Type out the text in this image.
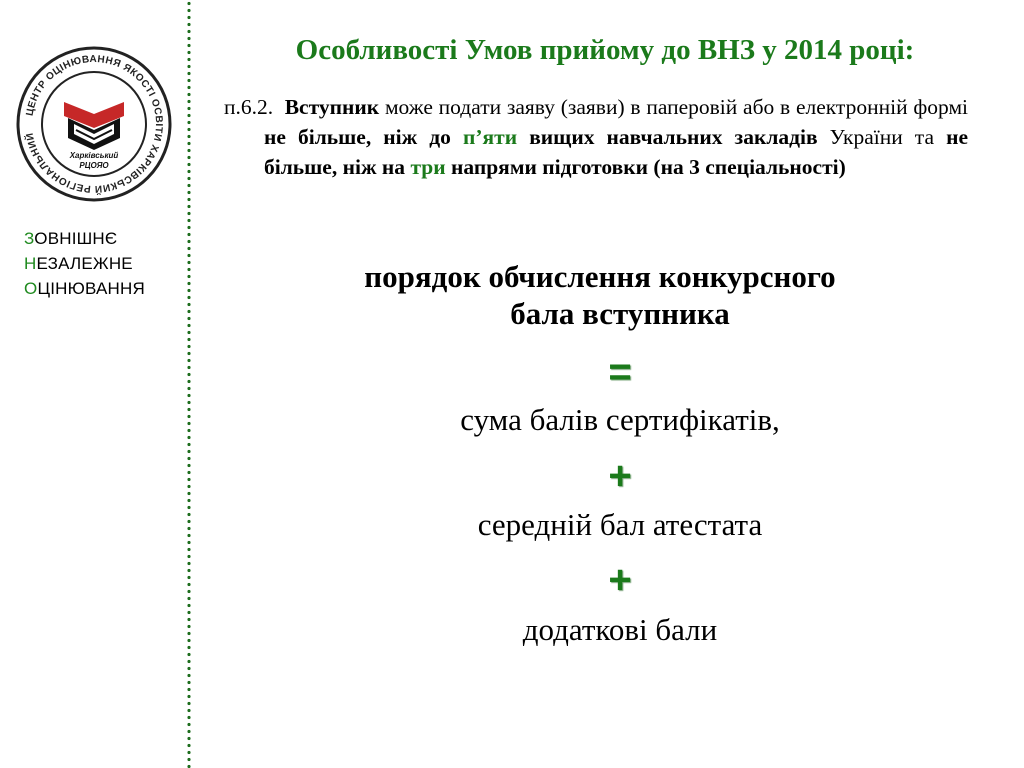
ЦЕНТР ОЦІНЮВАННЯ ЯКОСТІ ОСВІТИ ХАРКІВСЬКИЙ РЕГІОНАЛЬНИЙ
Харківський
РЦОЯО
ЗОВНІШНЄ
НЕЗАЛЕЖНЕ
ОЦІНЮВАННЯ
Особливості Умов прийому до ВНЗ у 2014 році:
п.6.2. Вступник може подати заяву (заяви) в паперовій або в електронній формі не більше, ніж до п’яти вищих навчальних закладів України та не більше, ніж на три напрями підготовки (на 3 спеціальності)
порядок обчислення конкурсного
бала вступника
=
сума балів сертифікатів,
+
середній бал атестата
+
додаткові бали
